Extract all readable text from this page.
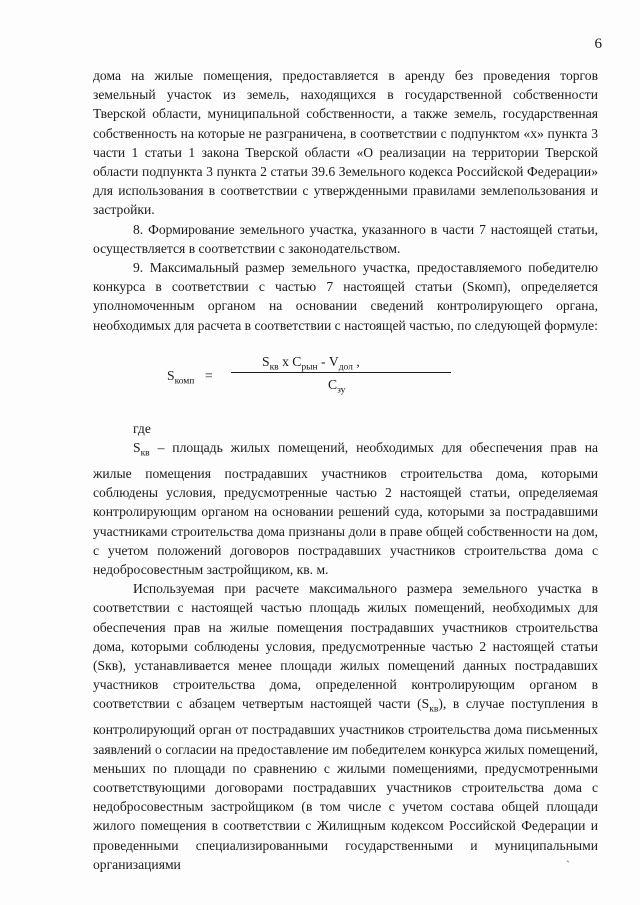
6

дома на жилые помещения, предоставляется в аренду без проведения торгов земельный участок из земель, находящихся в государственной собственности Тверской области, муниципальной собственности, а также земель, государственная собственность на которые не разграничена, в соответствии с подпунктом «х» пункта 3 части 1 статьи 1 закона Тверской области «О реализации на территории Тверской области подпункта 3 пункта 2 статьи 39.6 Земельного кодекса Российской Федерации» для использования в соответствии с утвержденными правилами землепользования и застройки.

8. Формирование земельного участка, указанного в части 7 настоящей статьи, осуществляется в соответствии с законодательством.

9. Максимальный размер земельного участка, предоставляемого победителю конкурса в соответствии с частью 7 настоящей статьи (Sкомп), определяется уполномоченным органом на основании сведений контролирующего органа, необходимых для расчета в соответствии с настоящей частью, по следующей формуле:

$S_{комп}$ =
$S_{кв}$ x $C_{рын} - V_{дол}$ ,
$C_{зу}$

где

$S_{кв}$ – площадь жилых помещений, необходимых для обеспечения прав на жилые помещения пострадавших участников строительства дома, которыми соблюдены условия, предусмотренные частью 2 настоящей статьи, определяемая контролирующим органом на основании решений суда, которыми за пострадавшими участниками строительства дома признаны доли в праве общей собственности на дом, с учетом положений договоров пострадавших участников строительства дома с недобросовестным застройщиком, кв. м.

Используемая при расчете максимального размера земельного участка в соответствии с настоящей частью площадь жилых помещений, необходимых для обеспечения прав на жилые помещения пострадавших участников строительства дома, которыми соблюдены условия, предусмотренные частью 2 настоящей статьи (Sкв), устанавливается менее площади жилых помещений данных пострадавших участников строительства дома, определенной контролирующим органом в соответствии с абзацем четвертым настоящей части $(S_{кв})$, в случае поступления в контролирующий орган от пострадавших участников строительства дома письменных заявлений о согласии на предоставление им победителем конкурса жилых помещений, меньших по площади по сравнению с жилыми помещениями, предусмотренными соответствующими договорами пострадавших участников строительства дома с недобросовестным застройщиком (в том числе с учетом состава общей площади жилого помещения в соответствии с Жилищным кодексом Российской Федерации и проведенными специализированными государственными и муниципальными организациями

ˎ
